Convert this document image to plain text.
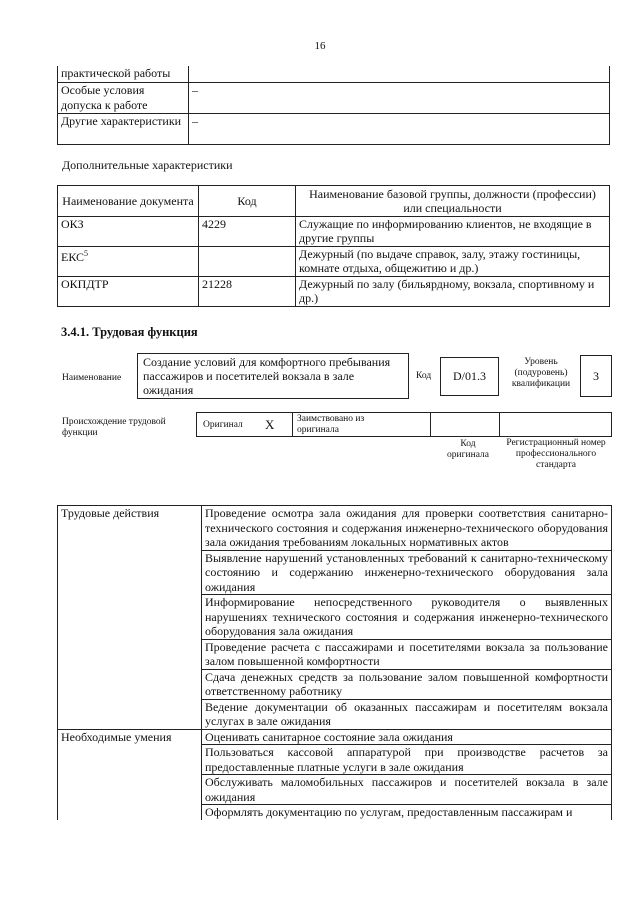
16
практической работы	
Особые условия допуска к работе	–
Другие характеристики	–
Дополнительные характеристики
Наименование документа	Код	Наименование базовой группы, должности (профессии) или специальности
ОКЗ	4229	Служащие по информированию клиентов, не входящие в другие группы
ЕКС$^5$		Дежурный (по выдаче справок, залу, этажу гостиницы, комнате отдыха, общежитию и др.)
ОКПДТР	21228	Дежурный по залу (бильярдному, вокзала, спортивному и др.)
3.4.1. Трудовая функция
Наименование
Создание условий для комфортного пребывания пассажиров и посетителей вокзала в зале ожидания
Код	D/01.3
Уровень (подуровень) квалификации
3
Происхождение трудовой функции
Оригинал X Заимствовано из оригинала
Код оригинала
Регистрационный номер профессионального стандарта
Трудовые действия	Проведение осмотра зала ожидания для проверки соответствия санитарно-технического состояния и содержания инженерно-технического оборудования зала ожидания требованиям локальных нормативных актов
	Выявление нарушений установленных требований к санитарно-техническому состоянию и содержанию инженерно-технического оборудования зала ожидания
	Информирование непосредственного руководителя о выявленных нарушениях технического состояния и содержания инженерно-технического оборудования зала ожидания
	Проведение расчета с пассажирами и посетителями вокзала за пользование залом повышенной комфортности
	Сдача денежных средств за пользование залом повышенной комфортности ответственному работнику
	Ведение документации об оказанных пассажирам и посетителям вокзала услугах в зале ожидания
Необходимые умения	Оценивать санитарное состояние зала ожидания
	Пользоваться кассовой аппаратурой при производстве расчетов за предоставленные платные услуги в зале ожидания
	Обслуживать маломобильных пассажиров и посетителей вокзала в зале ожидания
	Оформлять документацию по услугам, предоставленным пассажирам и
